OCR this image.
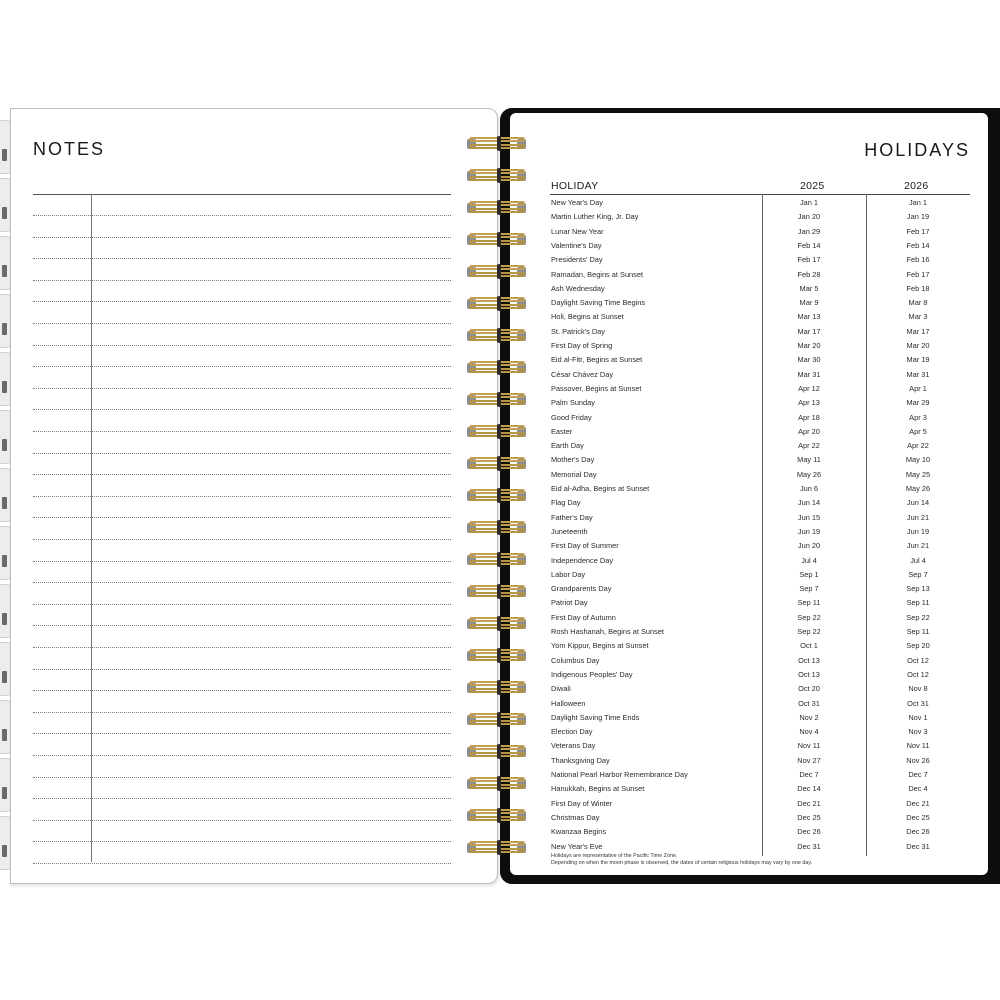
NOTES	HOLIDAYS
HOLIDAY	2025	2026
New Year's Day	Jan 1	Jan 1
Martin Luther King, Jr. Day	Jan 20	Jan 19
Lunar New Year	Jan 29	Feb 17
Valentine's Day	Feb 14	Feb 14
Presidents' Day	Feb 17	Feb 16
Ramadan, Begins at Sunset	Feb 28	Feb 17
Ash Wednesday	Mar 5	Feb 18
Daylight Saving Time Begins	Mar 9	Mar 8
Holi, Begins at Sunset	Mar 13	Mar 3
St. Patrick's Day	Mar 17	Mar 17
First Day of Spring	Mar 20	Mar 20
Eid al-Fitr, Begins at Sunset	Mar 30	Mar 19
César Chávez Day	Mar 31	Mar 31
Passover, Begins at Sunset	Apr 12	Apr 1
Palm Sunday	Apr 13	Mar 29
Good Friday	Apr 18	Apr 3
Easter	Apr 20	Apr 5
Earth Day	Apr 22	Apr 22
Mother's Day	May 11	May 10
Memorial Day	May 26	May 25
Eid al-Adha, Begins at Sunset	Jun 6	May 26
Flag Day	Jun 14	Jun 14
Father's Day	Jun 15	Jun 21
Juneteenth	Jun 19	Jun 19
First Day of Summer	Jun 20	Jun 21
Independence Day	Jul 4	Jul 4
Labor Day	Sep 1	Sep 7
Grandparents Day	Sep 7	Sep 13
Patriot Day	Sep 11	Sep 11
First Day of Autumn	Sep 22	Sep 22
Rosh Hashanah, Begins at Sunset	Sep 22	Sep 11
Yom Kippur, Begins at Sunset	Oct 1	Sep 20
Columbus Day	Oct 13	Oct 12
Indigenous Peoples' Day	Oct 13	Oct 12
Diwali	Oct 20	Nov 8
Halloween	Oct 31	Oct 31
Daylight Saving Time Ends	Nov 2	Nov 1
Election Day	Nov 4	Nov 3
Veterans Day	Nov 11	Nov 11
Thanksgiving Day	Nov 27	Nov 26
National Pearl Harbor Remembrance Day	Dec 7	Dec 7
Hanukkah, Begins at Sunset	Dec 14	Dec 4
First Day of Winter	Dec 21	Dec 21
Christmas Day	Dec 25	Dec 25
Kwanzaa Begins	Dec 26	Dec 26
New Year's Eve	Dec 31	Dec 31
Holidays are representative of the Pacific Time Zone.
Depending on when the moon phase is observed, the dates of certain religious holidays may vary by one day.
